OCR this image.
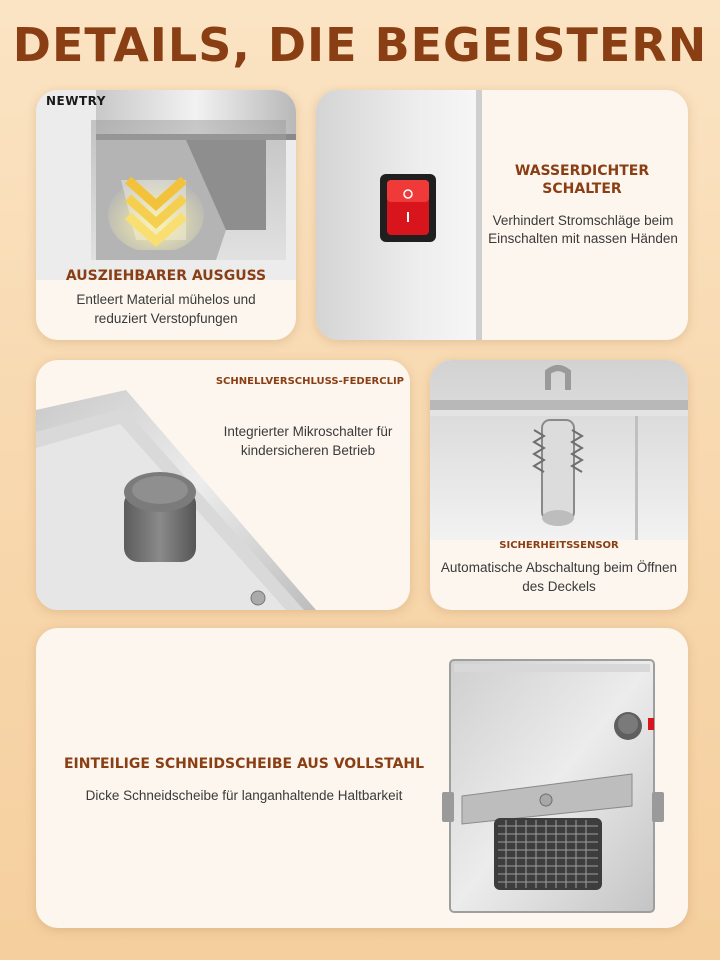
DETAILS, DIE BEGEISTERN
NEWTRY
AUSZIEHBARER AUSGUSS
Entleert Material mühelos und reduziert Verstopfungen
WASSERDICHTER SCHALTER
Verhindert Stromschläge beim Einschalten mit nassen Händen
SCHNELLVERSCHLUSS-FEDERCLIP
Integrierter Mikroschalter für kindersicheren Betrieb
SICHERHEITSSENSOR
Automatische Abschaltung beim Öffnen des Deckels
EINTEILIGE SCHNEIDSCHEIBE AUS VOLLSTAHL
Dicke Schneidscheibe für langanhaltende Haltbarkeit
